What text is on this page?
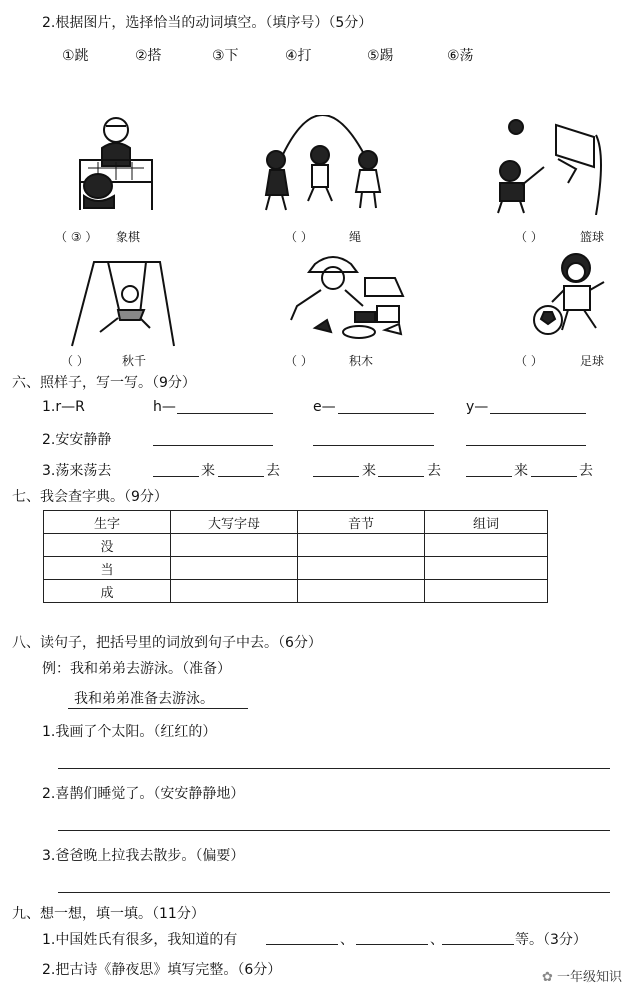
2.根据图片，选择恰当的动词填空。（填序号）（5分）
①跳	②搭	③下	④打	⑤踢	⑥荡
（ ③ ） 象棋	（ ）	绳	（ ）	篮球
（ ）	秋千	（ ）	积木	（ ）	足球
六、照样子，写一写。（9分）
1.r—R	h—	e—	y—
2.安安静静
3.荡来荡去	来	去	来	去	来	去
七、我会查字典。（9分）
生字	大写字母	音节	组词
没			
当			
成			
八、读句子，把括号里的词放到句子中去。（6分）
例：我和弟弟去游泳。（准备）
我和弟弟准备去游泳。
1.我画了个太阳。（红红的）
2.喜鹊们睡觉了。（安安静静地）
3.爸爸晚上拉我去散步。（偏要）
九、想一想，填一填。（11分）
1.中国姓氏有很多，我知道的有	、	、	等。（3分）
2.把古诗《静夜思》填写完整。（6分）	✿ 一年级知识
